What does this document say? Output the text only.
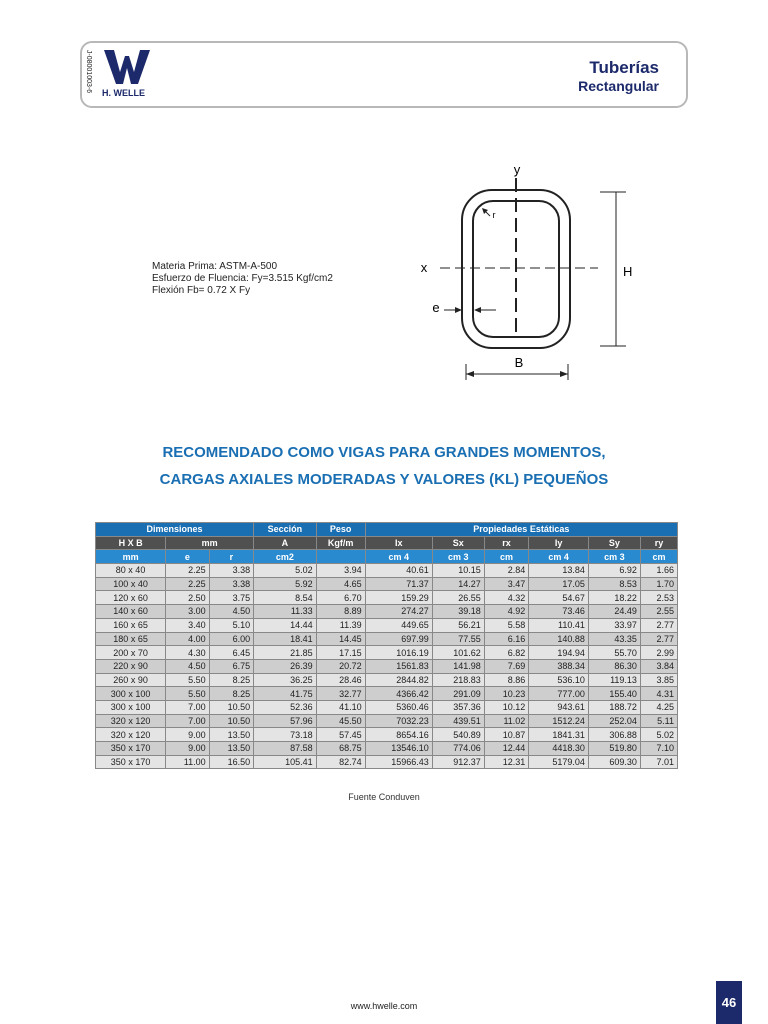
J-08001003-6 H. WELLE
Tuberías
Rectangular
Materia Prima: ASTM-A-500
Esfuerzo de Fluencia: Fy=3.515 Kgf/cm2
Flexión Fb= 0.72 X Fy
y
x
r
e
H
B
RECOMENDADO COMO VIGAS PARA GRANDES MOMENTOS,
CARGAS AXIALES MODERADAS Y VALORES (KL) PEQUEÑOS
Dimensiones			Sección	Peso	Propiedades Estáticas					
H X B	mm		A	Kgf/m	Ix	Sx	rx	Iy	Sy	ry
mm	e	r	cm2		cm 4	cm 3	cm	cm 4	cm 3	cm
80 x 40	2.25	3.38	5.02	3.94	40.61	10.15	2.84	13.84	6.92	1.66
100 x 40	2.25	3.38	5.92	4.65	71.37	14.27	3.47	17.05	8.53	1.70
120 x 60	2.50	3.75	8.54	6.70	159.29	26.55	4.32	54.67	18.22	2.53
140 x 60	3.00	4.50	11.33	8.89	274.27	39.18	4.92	73.46	24.49	2.55
160 x 65	3.40	5.10	14.44	11.39	449.65	56.21	5.58	110.41	33.97	2.77
180 x 65	4.00	6.00	18.41	14.45	697.99	77.55	6.16	140.88	43.35	2.77
200 x 70	4.30	6.45	21.85	17.15	1016.19	101.62	6.82	194.94	55.70	2.99
220 x 90	4.50	6.75	26.39	20.72	1561.83	141.98	7.69	388.34	86.30	3.84
260 x 90	5.50	8.25	36.25	28.46	2844.82	218.83	8.86	536.10	119.13	3.85
300 x 100	5.50	8.25	41.75	32.77	4366.42	291.09	10.23	777.00	155.40	4.31
300 x 100	7.00	10.50	52.36	41.10	5360.46	357.36	10.12	943.61	188.72	4.25
320 x 120	7.00	10.50	57.96	45.50	7032.23	439.51	11.02	1512.24	252.04	5.11
320 x 120	9.00	13.50	73.18	57.45	8654.16	540.89	10.87	1841.31	306.88	5.02
350 x 170	9.00	13.50	87.58	68.75	13546.10	774.06	12.44	4418.30	519.80	7.10
350 x 170	11.00	16.50	105.41	82.74	15966.43	912.37	12.31	5179.04	609.30	7.01
Fuente Conduven
www.hwelle.com	46
